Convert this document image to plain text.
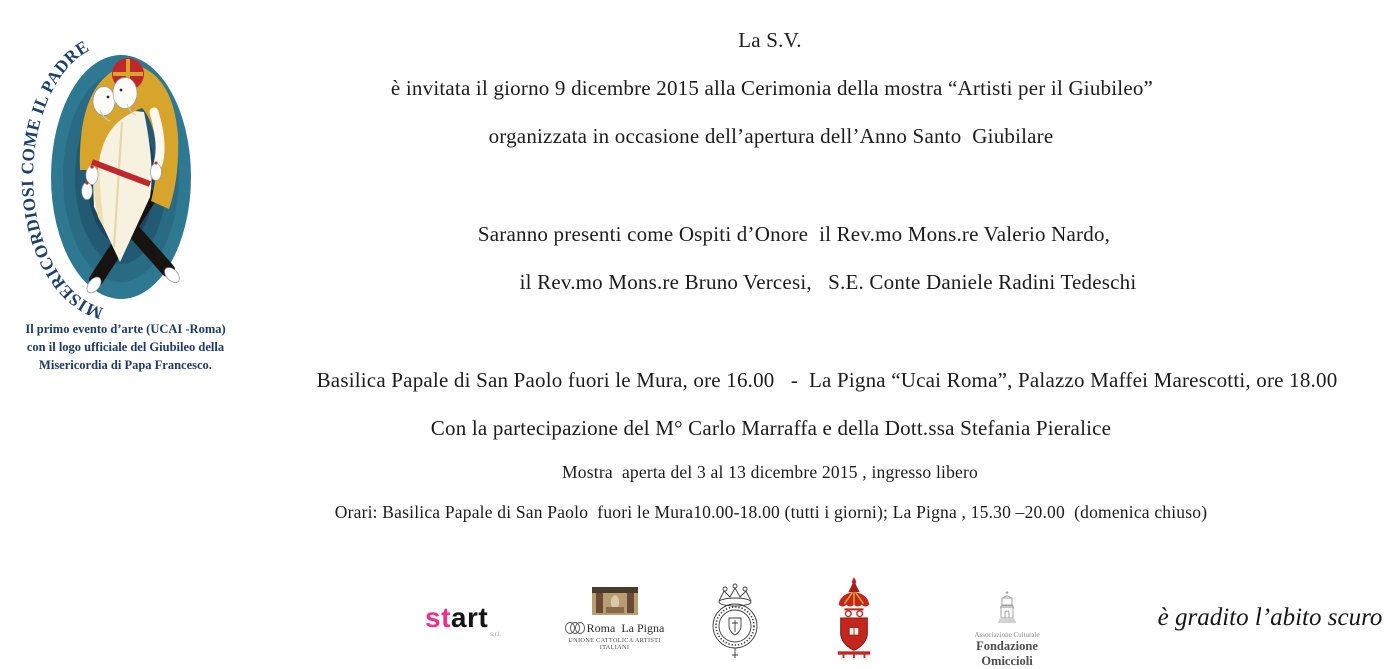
MISERICORDIOSI COME IL PADRE
Il primo evento d’arte (UCAI -Roma)
con il logo ufficiale del Giubileo della
Misericordia di Papa Francesco.
La S.V.
è invitata il giorno 9 dicembre 2015 alla Cerimonia della mostra “Artisti per il Giubileo”
organizzata in occasione dell’apertura dell’Anno Santo  Giubilare
Saranno presenti come Ospiti d’Onore  il Rev.mo Mons.re Valerio Nardo,
il Rev.mo Mons.re Bruno Vercesi,   S.E. Conte Daniele Radini Tedeschi
Basilica Papale di San Paolo fuori le Mura, ore 16.00   -  La Pigna “Ucai Roma”, Palazzo Maffei Marescotti, ore 18.00
Con la partecipazione del M° Carlo Marraffa e della Dott.ssa Stefania Pieralice
Mostra  aperta del 3 al 13 dicembre 2015 , ingresso libero
Orari: Basilica Papale di San Paolo  fuori le Mura10.00-18.00 (tutti i giorni); La Pigna , 15.30 –20.00  (domenica chiuso)
start
s.r.l.	Roma  La Pigna
UNIONE CATTOLICA ARTISTI ITALIANI
Associazione Culturale
Fondazione Omiccioli
è gradito l’abito scuro
